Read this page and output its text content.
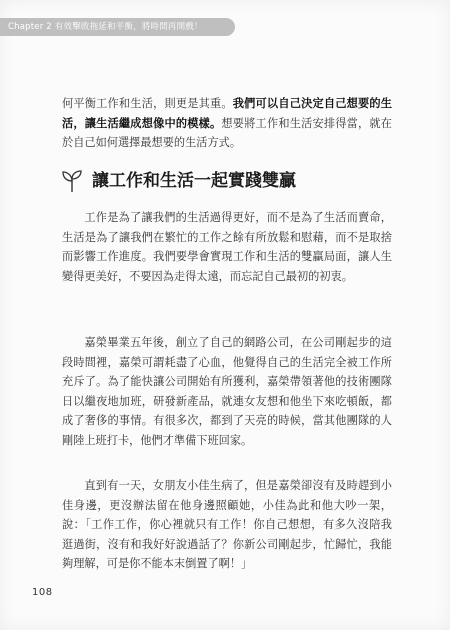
Chapter 2 有效擊敗拖延和平衡，將時間再開戲！
何平衡工作和生活，則更是其重。我們可以自己決定自己想要的生活，讓生活繼成想像中的模樣。想要將工作和生活安排得當，就在於自己如何選擇最想要的生活方式。
讓工作和生活一起實踐雙贏

工作是為了讓我們的生活過得更好，而不是為了生活而賣命，生活是為了讓我們在繁忙的工作之餘有所放鬆和慰藉，而不是取捨而影響工作進度。我們要學會實現工作和生活的雙贏局面，讓人生變得更美好，不要因為走得太遠，而忘記自己最初的初衷。

嘉榮畢業五年後，創立了自己的網路公司，在公司剛起步的這段時間裡，嘉榮可謂耗盡了心血，他覺得自己的生活完全被工作所充斥了。為了能快讓公司開始有所獲利，嘉榮帶領著他的技術團隊日以繼夜地加班，研發新產品，就連女友想和他坐下來吃頓飯，都成了奢侈的事情。有很多次，都到了天亮的時候，當其他團隊的人剛陸上班打卡，他們才準備下班回家。

直到有一天，女朋友小佳生病了，但是嘉榮卻沒有及時趕到小佳身邊，更沒辦法留在他身邊照顧她，小佳為此和他大吵一架，說：「工作工作，你心裡就只有工作！你自己想想，有多久沒陪我逛過街，沒有和我好好說過話了？你新公司剛起步，忙歸忙，我能夠理解，可是你不能本末倒置了啊！」

108
